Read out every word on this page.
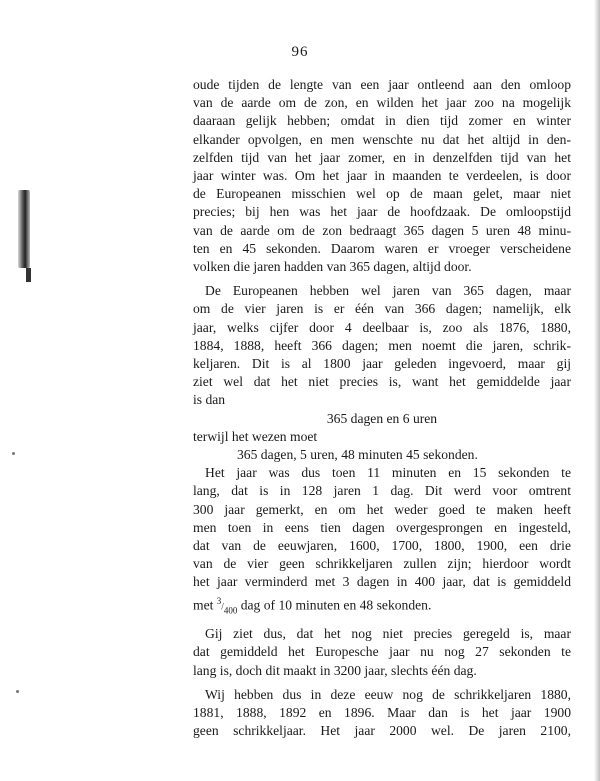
96
oude tijden de lengte van een jaar ontleend aan den omloop
van de aarde om de zon, en wilden het jaar zoo na mogelijk
daaraan gelijk hebben; omdat in dien tijd zomer en winter
elkander opvolgen, en men wenschte nu dat het altijd in den-
zelfden tijd van het jaar zomer, en in denzelfden tijd van het
jaar winter was. Om het jaar in maanden te verdeelen, is door
de Europeanen misschien wel op de maan gelet, maar niet
precies; bij hen was het jaar de hoofdzaak. De omloopstijd
van de aarde om de zon bedraagt 365 dagen 5 uren 48 minu-
ten en 45 sekonden. Daarom waren er vroeger verscheidene
volken die jaren hadden van 365 dagen, altijd door.
De Europeanen hebben wel jaren van 365 dagen, maar
om de vier jaren is er één van 366 dagen; namelijk, elk
jaar, welks cijfer door 4 deelbaar is, zoo als 1876, 1880,
1884, 1888, heeft 366 dagen; men noemt die jaren, schrik-
keljaren. Dit is al 1800 jaar geleden ingevoerd, maar gij
ziet wel dat het niet precies is, want het gemiddelde jaar
is dan
365 dagen en 6 uren
terwijl het wezen moet
365 dagen, 5 uren, 48 minuten 45 sekonden.
Het jaar was dus toen 11 minuten en 15 sekonden te
lang, dat is in 128 jaren 1 dag. Dit werd voor omtrent
300 jaar gemerkt, en om het weder goed te maken heeft
men toen in eens tien dagen overgesprongen en ingesteld,
dat van de eeuwjaren, 1600, 1700, 1800, 1900, een drie
van de vier geen schrikkeljaren zullen zijn; hierdoor wordt
het jaar verminderd met 3 dagen in 400 jaar, dat is gemiddeld
met $^3/_{400}$ dag of 10 minuten en 48 sekonden.
Gij ziet dus, dat het nog niet precies geregeld is, maar
dat gemiddeld het Europesche jaar nu nog 27 sekonden te
lang is, doch dit maakt in 3200 jaar, slechts één dag.
Wij hebben dus in deze eeuw nog de schrikkeljaren 1880,
1881, 1888, 1892 en 1896. Maar dan is het jaar 1900
geen schrikkeljaar. Het jaar 2000 wel. De jaren 2100,
